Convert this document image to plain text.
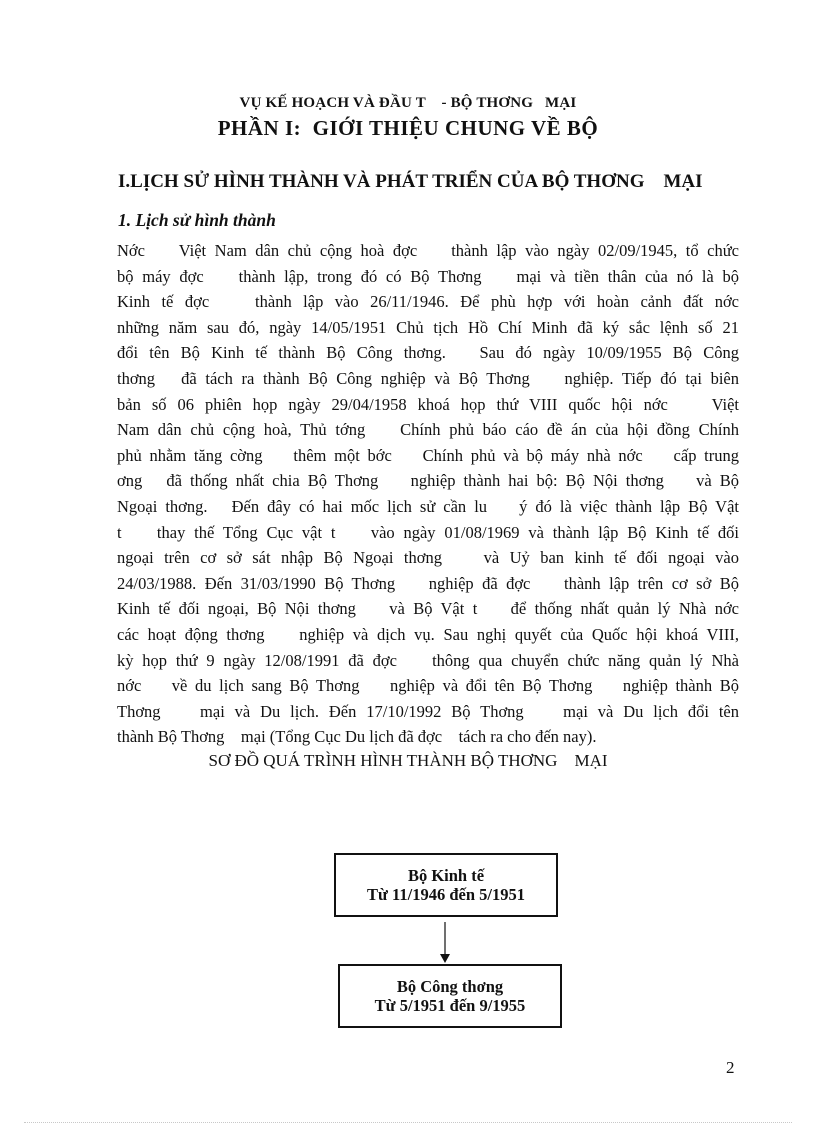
VỤ KẾ HOẠCH VÀ ĐẦU T    - BỘ THƠNG   MẠI
PHẦN I:  GIỚI THIỆU CHUNG VỀ BỘ
I.LỊCH SỬ HÌNH THÀNH VÀ PHÁT TRIỂN CỦA BỘ THƠNG    MẠI
1. Lịch sử hình thành
Nớc    Việt Nam dân chủ cộng hoà đợc    thành lập vào ngày 02/09/1945, tổ chức
bộ máy đợc    thành lập, trong đó có Bộ Thơng    mại và tiền thân của nó là bộ
Kinh tế đợc    thành lập vào 26/11/1946. Để phù hợp với hoàn cảnh đất nớc
những năm sau đó, ngày 14/05/1951 Chủ tịch Hồ Chí Minh đã ký sắc lệnh số 21
đổi tên Bộ Kinh tế thành Bộ Công thơng.   Sau đó ngày 10/09/1955 Bộ Công
thơng   đã tách ra thành Bộ Công nghiệp và Bộ Thơng    nghiệp. Tiếp đó tại biên
bản số 06 phiên họp ngày 29/04/1958 khoá họp thứ VIII quốc hội nớc    Việt
Nam dân chủ cộng hoà, Thủ tớng    Chính phủ báo cáo đề án của hội đồng Chính
phủ nhằm tăng cờng    thêm một bớc    Chính phủ và bộ máy nhà nớc    cấp trung
ơng   đã thống nhất chia Bộ Thơng    nghiệp thành hai bộ: Bộ Nội thơng    và Bộ
Ngoại thơng.   Đến đây có hai mốc lịch sử cần lu    ý đó là việc thành lập Bộ Vật
t    thay thế Tổng Cục vật t    vào ngày 01/08/1969 và thành lập Bộ Kinh tế đối
ngoại trên cơ sở sát nhập Bộ Ngoại thơng    và Uỷ ban kinh tế đối ngoại vào
24/03/1988. Đến 31/03/1990 Bộ Thơng    nghiệp đã đợc    thành lập trên cơ sở Bộ
Kinh tế đối ngoại, Bộ Nội thơng    và Bộ Vật t    để thống nhất quản lý Nhà nớc
các hoạt động thơng    nghiệp và dịch vụ. Sau nghị quyết của Quốc hội khoá VIII,
kỳ họp thứ 9 ngày 12/08/1991 đã đợc    thông qua chuyển chức năng quản lý Nhà
nớc    về du lịch sang Bộ Thơng    nghiệp và đổi tên Bộ Thơng    nghiệp thành Bộ
Thơng    mại và Du lịch. Đến 17/10/1992 Bộ Thơng    mại và Du lịch đổi tên
thành Bộ Thơng    mại (Tổng Cục Du lịch đã đợc    tách ra cho đến nay).
SƠ ĐỒ QUÁ TRÌNH HÌNH THÀNH BỘ THƠNG    MẠI
Bộ Kinh tế
Từ 11/1946 đến 5/1951
Bộ Công thơng
Từ 5/1951 đến 9/1955
2
